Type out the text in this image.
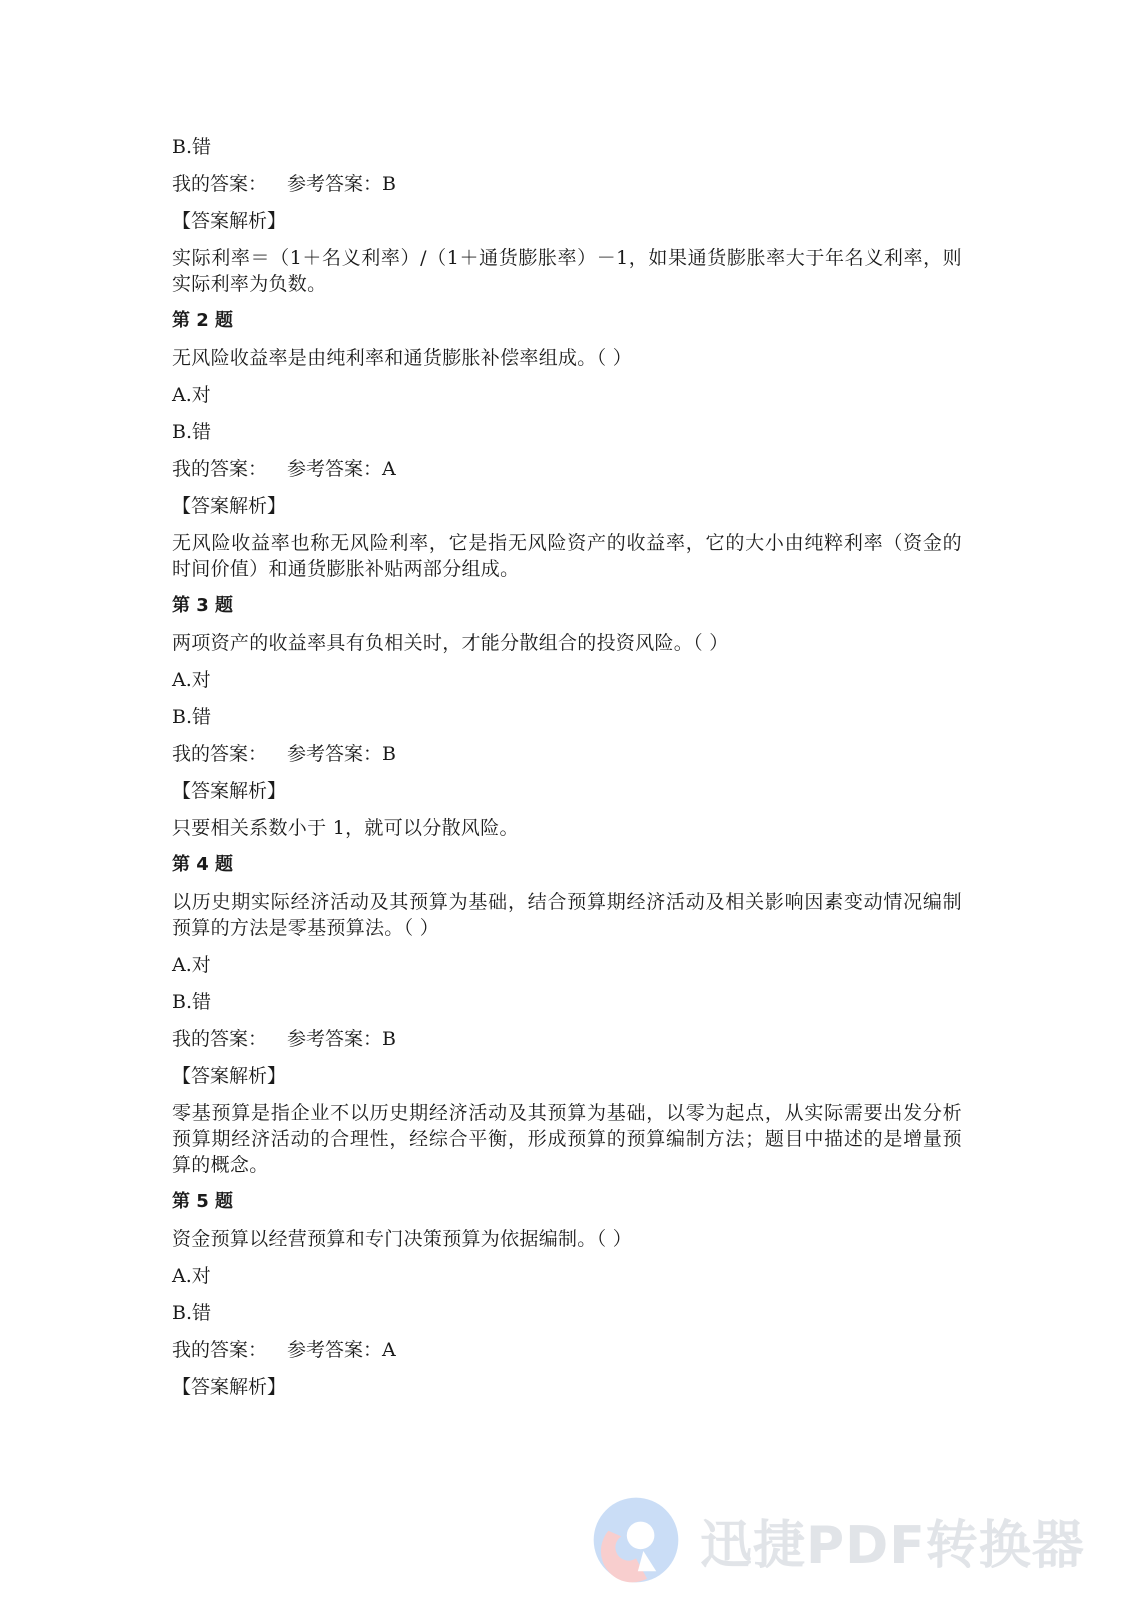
B.错
我的答案： 参考答案：B
【答案解析】
实际利率＝（1＋名义利率）/（1＋通货膨胀率）－1，如果通货膨胀率大于年名义利率，则实际利率为负数。
第 2 题
无风险收益率是由纯利率和通货膨胀补偿率组成。（ ）
A.对
B.错
我的答案： 参考答案：A
【答案解析】
无风险收益率也称无风险利率，它是指无风险资产的收益率，它的大小由纯粹利率（资金的时间价值）和通货膨胀补贴两部分组成。
第 3 题
两项资产的收益率具有负相关时，才能分散组合的投资风险。（ ）
A.对
B.错
我的答案： 参考答案：B
【答案解析】
只要相关系数小于 1，就可以分散风险。
第 4 题
以历史期实际经济活动及其预算为基础，结合预算期经济活动及相关影响因素变动情况编制预算的方法是零基预算法。（ ）
A.对
B.错
我的答案： 参考答案：B
【答案解析】
零基预算是指企业不以历史期经济活动及其预算为基础，以零为起点，从实际需要出发分析预算期经济活动的合理性，经综合平衡，形成预算的预算编制方法；题目中描述的是增量预算的概念。
第 5 题
资金预算以经营预算和专门决策预算为依据编制。（ ）
A.对
B.错
我的答案： 参考答案：A
【答案解析】
迅捷PDF转换器
